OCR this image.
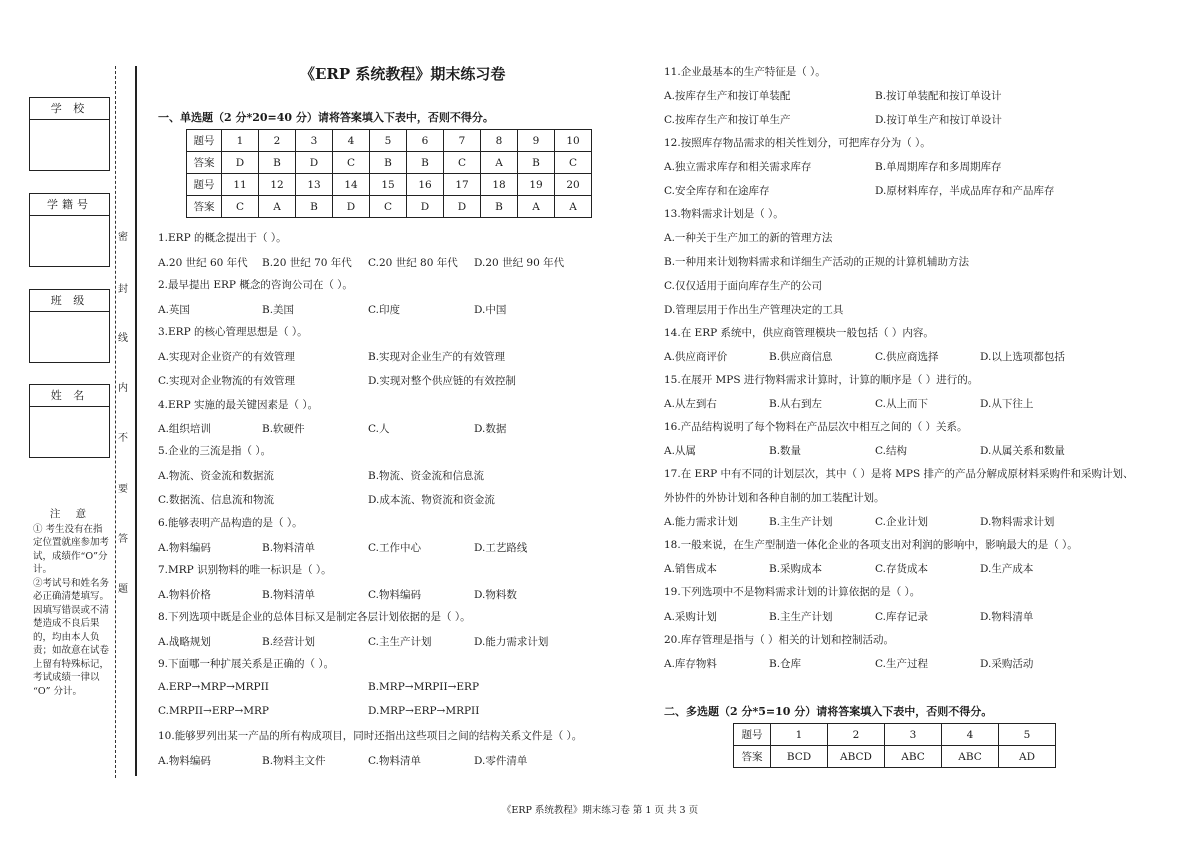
学 校
学籍号
班 级
姓 名
密
封
线
内
不
要
答
题
注 意
① 考生没有在指定位置就座参加考试，成绩作“O”分计。
②考试号和姓名务必正确清楚填写。因填写错误或不清楚造成不良后果的，均由本人负责；如故意在试卷上留有特殊标记，考试成绩一律以 “O” 分计。
《ERP 系统教程》期末练习卷
一、单选题（2 分*20=40 分）请将答案填入下表中，否则不得分。
题号	1	2	3	4	5	6	7	8	9	10
答案	D	B	D	C	B	B	C	A	B	C
题号	11	12	13	14	15	16	17	18	19	20
答案	C	A	B	D	C	D	D	B	A	A
1.ERP 的概念提出于（ ）。
A.20 世纪 60 年代 B.20 世纪 70 年代 C.20 世纪 80 年代 D.20 世纪 90 年代
2.最早提出 ERP 概念的咨询公司在（ ）。
A.英国	B.美国	C.印度	D.中国
3.ERP 的核心管理思想是（ ）。
A.实现对企业资产的有效管理	B.实现对企业生产的有效管理
C.实现对企业物流的有效管理	D.实现对整个供应链的有效控制
4.ERP 实施的最关键因素是（ ）。
A.组织培训	B.软硬件	C.人	D.数据
5.企业的三流是指（ ）。
A.物流、资金流和数据流	B.物流、资金流和信息流
C.数据流、信息流和物流	D.成本流、物资流和资金流
6.能够表明产品构造的是（ ）。
A.物料编码	B.物料清单	C.工作中心	D.工艺路线
7.MRP 识别物料的唯一标识是（ ）。
A.物料价格	B.物料清单	C.物料编码	D.物料数
8.下列选项中既是企业的总体目标又是制定各层计划依据的是（ ）。
A.战略规划	B.经营计划	C.主生产计划	D.能力需求计划
9.下面哪一种扩展关系是正确的（ ）。
A.ERP→MRP→MRPII	B.MRP→MRPII→ERP
C.MRPII→ERP→MRP	D.MRP→ERP→MRPII
10.能够罗列出某一产品的所有构成项目，同时还指出这些项目之间的结构关系文件是（ ）。
A.物料编码	B.物料主文件	C.物料清单	D.零件清单
11.企业最基本的生产特征是（ ）。
A.按库存生产和按订单装配	B.按订单装配和按订单设计
C.按库存生产和按订单生产	D.按订单生产和按订单设计
12.按照库存物品需求的相关性划分，可把库存分为（ ）。
A.独立需求库存和相关需求库存	B.单周期库存和多周期库存
C.安全库存和在途库存	D.原材料库存，半成品库存和产品库存
13.物料需求计划是（ ）。
A.一种关于生产加工的新的管理方法
B.一种用来计划物料需求和详细生产活动的正规的计算机辅助方法
C.仅仅适用于面向库存生产的公司
D.管理层用于作出生产管理决定的工具
14.在 ERP 系统中，供应商管理模块一般包括（ ）内容。
A.供应商评价	B.供应商信息	C.供应商选择	D.以上选项都包括
15.在展开 MPS 进行物料需求计算时，计算的顺序是（ ）进行的。
A.从左到右	B.从右到左	C.从上而下	D.从下往上
16.产品结构说明了每个物料在产品层次中相互之间的（ ）关系。
A.从属	B.数量	C.结构	D.从属关系和数量
17.在 ERP 中有不同的计划层次，其中（ ）是将 MPS 排产的产品分解成原材料采购件和采购计划、
外协件的外协计划和各种自制的加工装配计划。
A.能力需求计划	B.主生产计划	C.企业计划	D.物料需求计划
18.一般来说，在生产型制造一体化企业的各项支出对利润的影响中，影响最大的是（ ）。
A.销售成本	B.采购成本	C.存货成本	D.生产成本
19.下列选项中不是物料需求计划的计算依据的是（ ）。
A.采购计划	B.主生产计划	C.库存记录	D.物料清单
20.库存管理是指与（ ）相关的计划和控制活动。
A.库存物料	B.仓库	C.生产过程	D.采购活动
二、多选题（2 分*5=10 分）请将答案填入下表中，否则不得分。
题号	1	2	3	4	5
答案	BCD	ABCD	ABC	ABC	AD
《ERP 系统教程》期末练习卷 第 1 页 共 3 页
